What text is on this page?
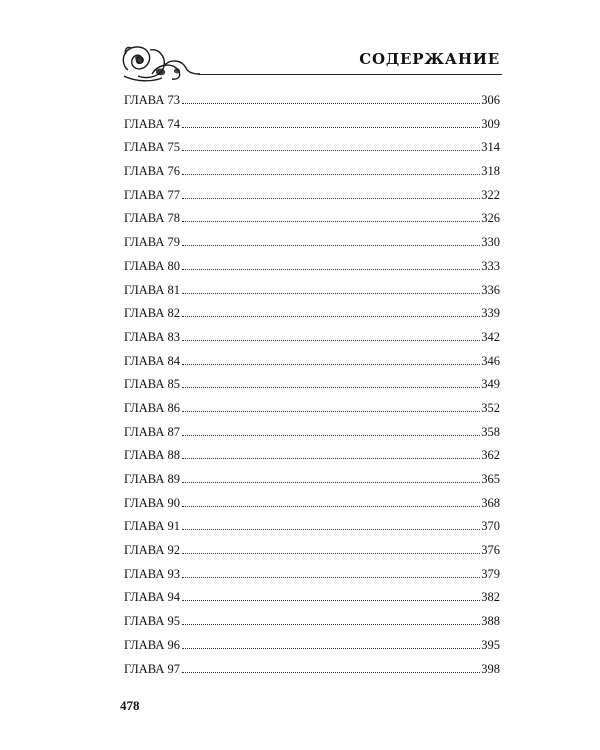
СОДЕРЖАНИЕ
ГЛАВА 73	306
ГЛАВА 74	309
ГЛАВА 75	314
ГЛАВА 76	318
ГЛАВА 77	322
ГЛАВА 78	326
ГЛАВА 79	330
ГЛАВА 80	333
ГЛАВА 81	336
ГЛАВА 82	339
ГЛАВА 83	342
ГЛАВА 84	346
ГЛАВА 85	349
ГЛАВА 86	352
ГЛАВА 87	358
ГЛАВА 88	362
ГЛАВА 89	365
ГЛАВА 90	368
ГЛАВА 91	370
ГЛАВА 92	376
ГЛАВА 93	379
ГЛАВА 94	382
ГЛАВА 95	388
ГЛАВА 96	395
ГЛАВА 97	398
478
